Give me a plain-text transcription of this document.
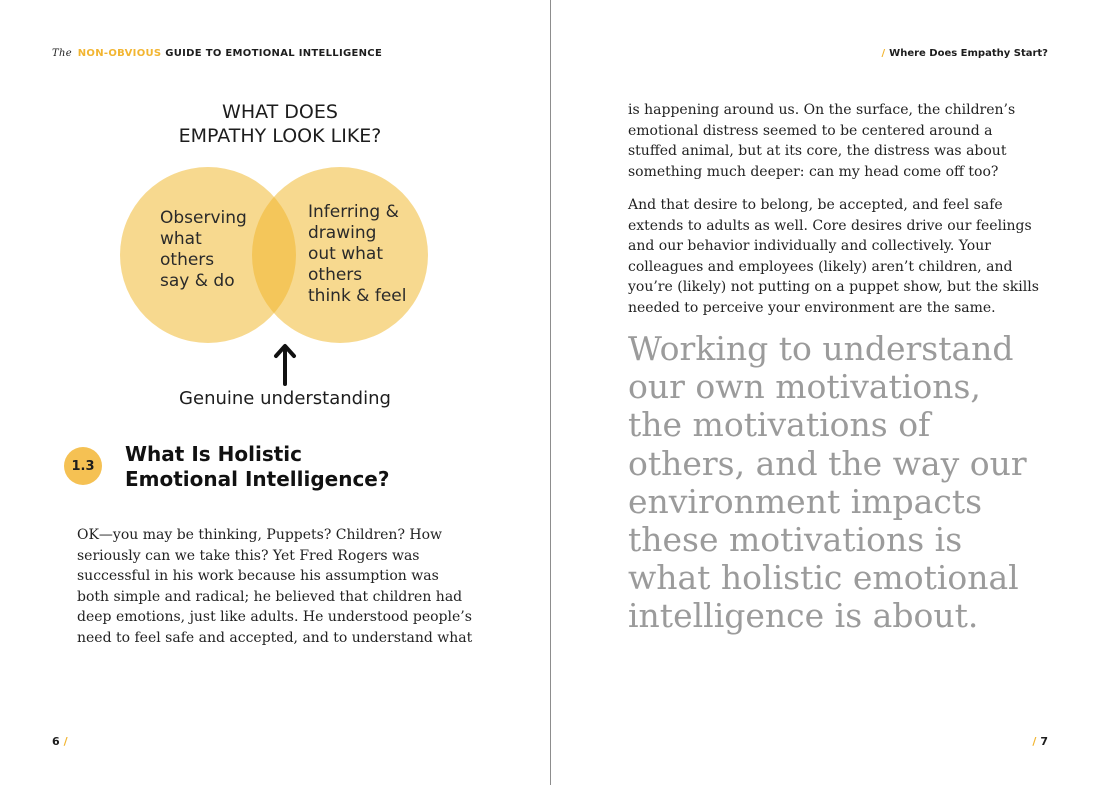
The NON-OBVIOUS GUIDE TO EMOTIONAL INTELLIGENCE	/ Where Does Empathy Start?
WHAT DOES
EMPATHY LOOK LIKE?
Observing
what
others
say & do
Inferring &
drawing
out what
others
think & feel
Genuine understanding
1.3	What Is Holistic
Emotional Intelligence?
OK—you may be thinking, Puppets? Children? How
seriously can we take this? Yet Fred Rogers was
successful in his work because his assumption was
both simple and radical; he believed that children had
deep emotions, just like adults. He understood people’s
need to feel safe and accepted, and to understand what
is happening around us. On the surface, the children’s
emotional distress seemed to be centered around a
stuffed animal, but at its core, the distress was about
something much deeper: can my head come off too?
And that desire to belong, be accepted, and feel safe
extends to adults as well. Core desires drive our feelings
and our behavior individually and collectively. Your
colleagues and employees (likely) aren’t children, and
you’re (likely) not putting on a puppet show, but the skills
needed to perceive your environment are the same.
Working to understand
our own motivations,
the motivations of
others, and the way our
environment impacts
these motivations is
what holistic emotional
intelligence is about.
6 /	/ 7
